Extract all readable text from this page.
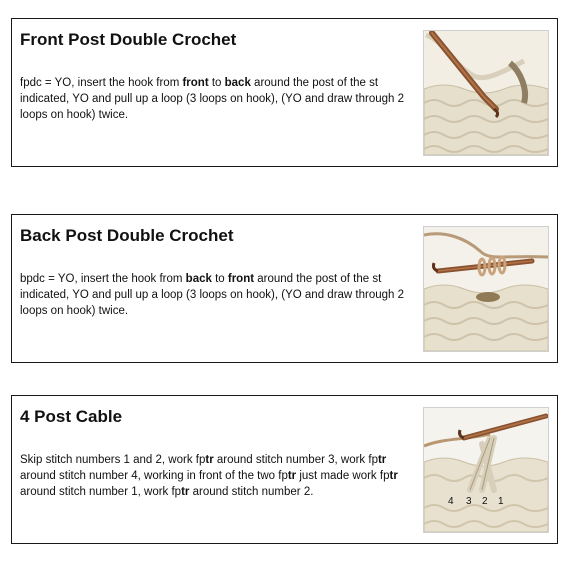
Front Post Double Crochet
fpdc = YO, insert the hook from front to back around the post of the st indicated, YO and pull up a loop (3 loops on hook), (YO and draw through 2 loops on hook) twice.
Back Post Double Crochet
bpdc = YO, insert the hook from back to front around the post of the st indicated, YO and pull up a loop (3 loops on hook), (YO and draw through 2 loops on hook) twice.
4 Post Cable
Skip stitch numbers 1 and 2, work fptr around stitch number 3, work fptr around stitch number 4, working in front of the two fptr just made work fptr around stitch number 1, work fptr around stitch number 2.
4 3 2 1
